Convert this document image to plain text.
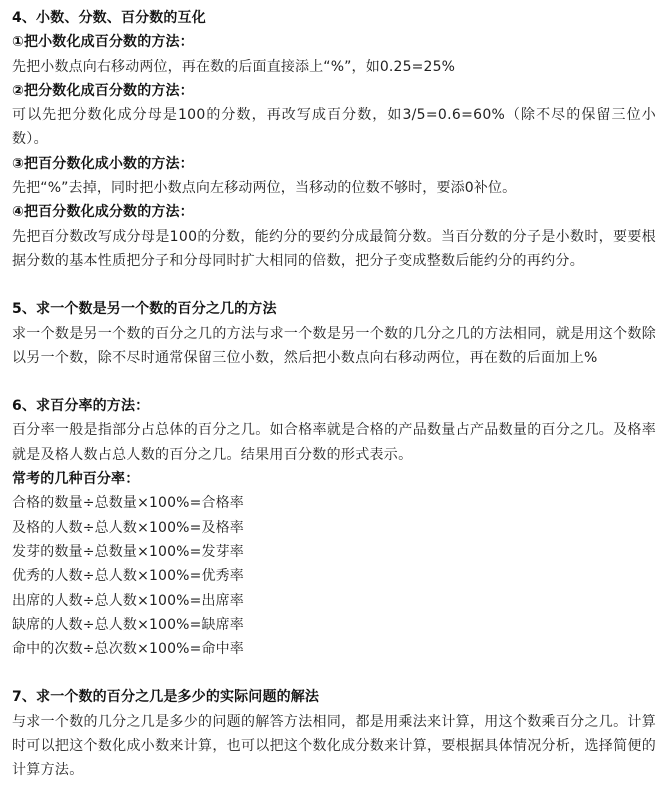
4、小数、分数、百分数的互化
①把小数化成百分数的方法：
先把小数点向右移动两位，再在数的后面直接添上“%”，如0.25=25%
②把分数化成百分数的方法：
可以先把分数化成分母是100的分数，再改写成百分数，如3/5=0.6=60%（除不尽的保留三位小数）。
③把百分数化成小数的方法：
先把“%”去掉，同时把小数点向左移动两位，当移动的位数不够时，要添0补位。
④把百分数化成分数的方法：
先把百分数改写成分母是100的分数，能约分的要约分成最简分数。当百分数的分子是小数时，要要根据分数的基本性质把分子和分母同时扩大相同的倍数，把分子变成整数后能约分的再约分。
5、求一个数是另一个数的百分之几的方法
求一个数是另一个数的百分之几的方法与求一个数是另一个数的几分之几的方法相同，就是用这个数除以另一个数，除不尽时通常保留三位小数，然后把小数点向右移动两位，再在数的后面加上%
6、求百分率的方法：
百分率一般是指部分占总体的百分之几。如合格率就是合格的产品数量占产品数量的百分之几。及格率就是及格人数占总人数的百分之几。结果用百分数的形式表示。
常考的几种百分率：
合格的数量÷总数量×100%=合格率
及格的人数÷总人数×100%=及格率
发芽的数量÷总数量×100%=发芽率
优秀的人数÷总人数×100%=优秀率
出席的人数÷总人数×100%=出席率
缺席的人数÷总人数×100%=缺席率
命中的次数÷总次数×100%=命中率
7、求一个数的百分之几是多少的实际问题的解法
与求一个数的几分之几是多少的问题的解答方法相同，都是用乘法来计算，用这个数乘百分之几。计算时可以把这个数化成小数来计算，也可以把这个数化成分数来计算，要根据具体情况分析，选择简便的计算方法。
